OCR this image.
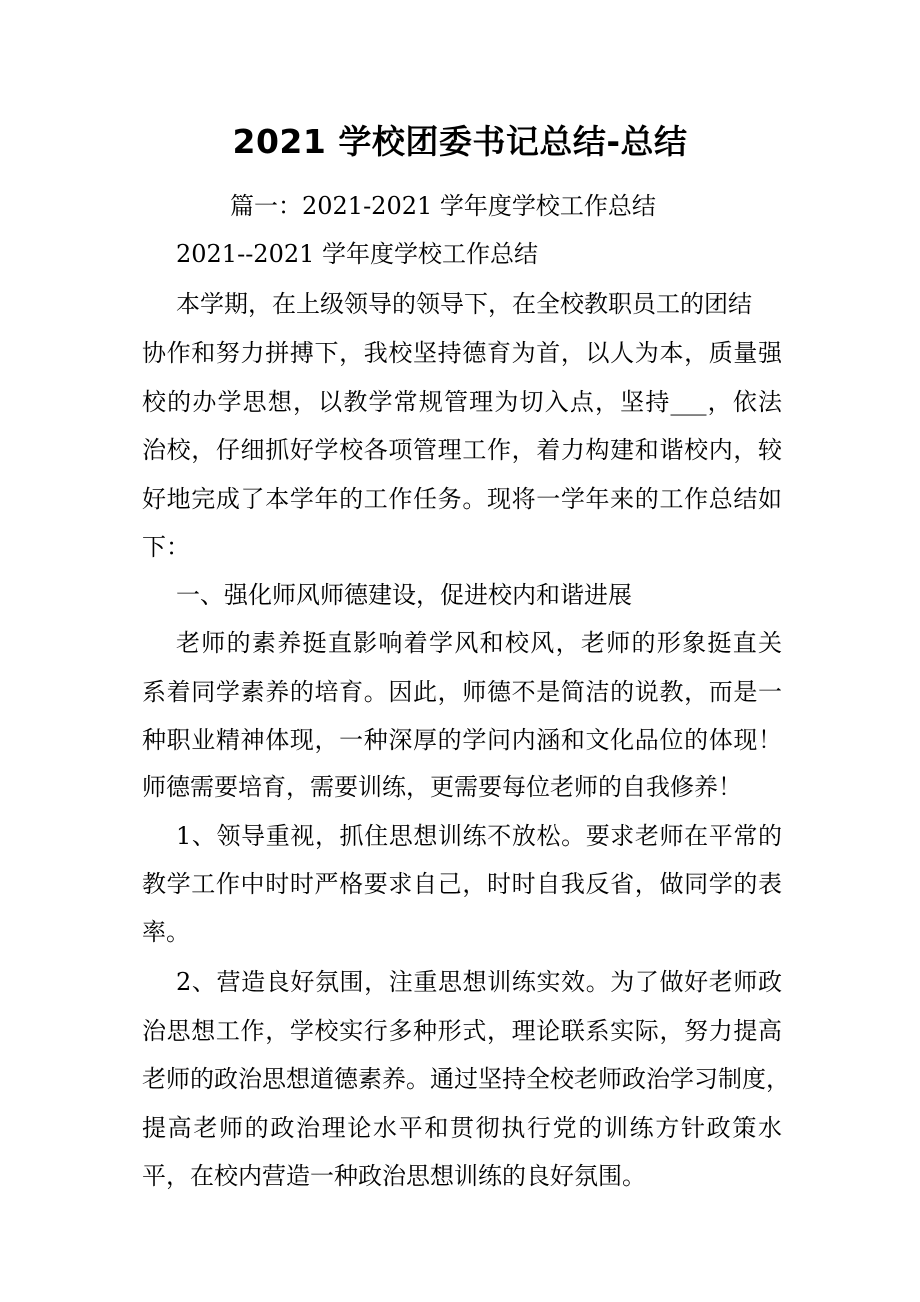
2021 学校团委书记总结-总结
篇一：2021-2021 学年度学校工作总结
2021--2021 学年度学校工作总结
本学期，在上级领导的领导下，在全校教职员工的团结
协作和努力拼搏下，我校坚持德育为首，以人为本，质量强
校的办学思想，以教学常规管理为切入点，坚持___，依法
治校，仔细抓好学校各项管理工作，着力构建和谐校内，较
好地完成了本学年的工作任务。现将一学年来的工作总结如
下：
一、强化师风师德建设，促进校内和谐进展
老师的素养挺直影响着学风和校风，老师的形象挺直关
系着同学素养的培育。因此，师德不是简洁的说教，而是一
种职业精神体现，一种深厚的学问内涵和文化品位的体现！
师德需要培育，需要训练，更需要每位老师的自我修养！
1、领导重视，抓住思想训练不放松。要求老师在平常的
教学工作中时时严格要求自己，时时自我反省，做同学的表
率。
2、营造良好氛围，注重思想训练实效。为了做好老师政
治思想工作，学校实行多种形式，理论联系实际，努力提高
老师的政治思想道德素养。通过坚持全校老师政治学习制度，
提高老师的政治理论水平和贯彻执行党的训练方针政策水
平，在校内营造一种政治思想训练的良好氛围。
